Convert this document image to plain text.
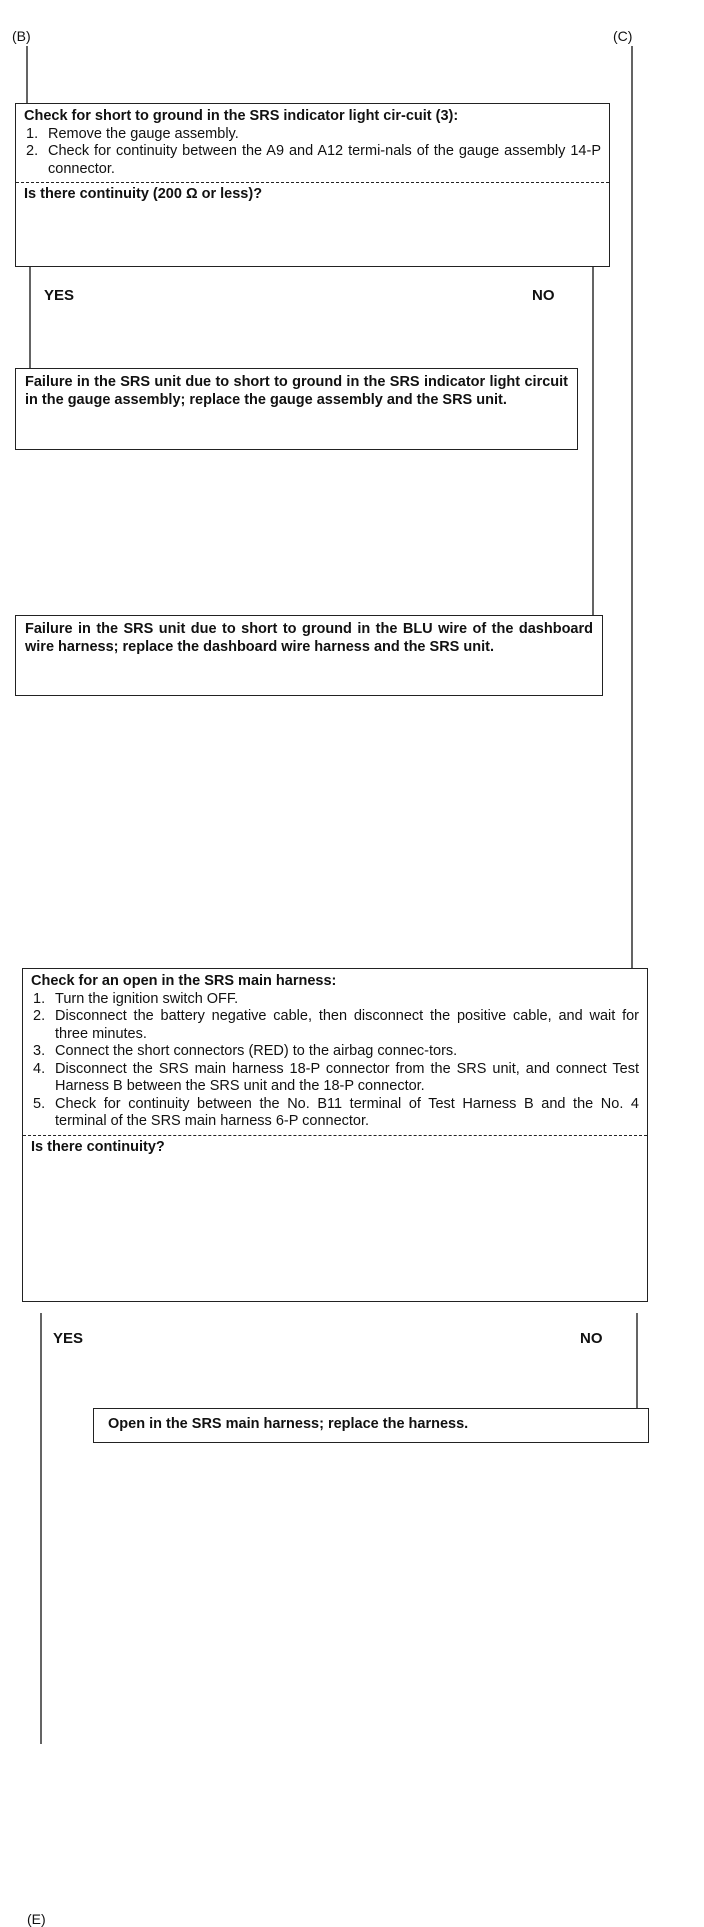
(B)	(C)
(E)
Check for short to ground in the SRS indicator light cir-cuit (3):
1. Remove the gauge assembly.
2. Check for continuity between the A9 and A12 termi-nals of the gauge assembly 14-P connector.
Is there continuity (200 Ω or less)?
YES	NO
Failure in the SRS unit due to short to ground in the SRS indicator light circuit in the gauge assembly; replace the gauge assembly and the SRS unit.
Failure in the SRS unit due to short to ground in the BLU wire of the dashboard wire harness; replace the dashboard wire harness and the SRS unit.
Check for an open in the SRS main harness:
1. Turn the ignition switch OFF.
2. Disconnect the battery negative cable, then disconnect the positive cable, and wait for three minutes.
3. Connect the short connectors (RED) to the airbag connec-tors.
4. Disconnect the SRS main harness 18-P connector from the SRS unit, and connect Test Harness B between the SRS unit and the 18-P connector.
5. Check for continuity between the No. B11 terminal of Test Harness B and the No. 4 terminal of the SRS main harness 6-P connector.
Is there continuity?
YES	NO
Open in the SRS main harness; replace the harness.
